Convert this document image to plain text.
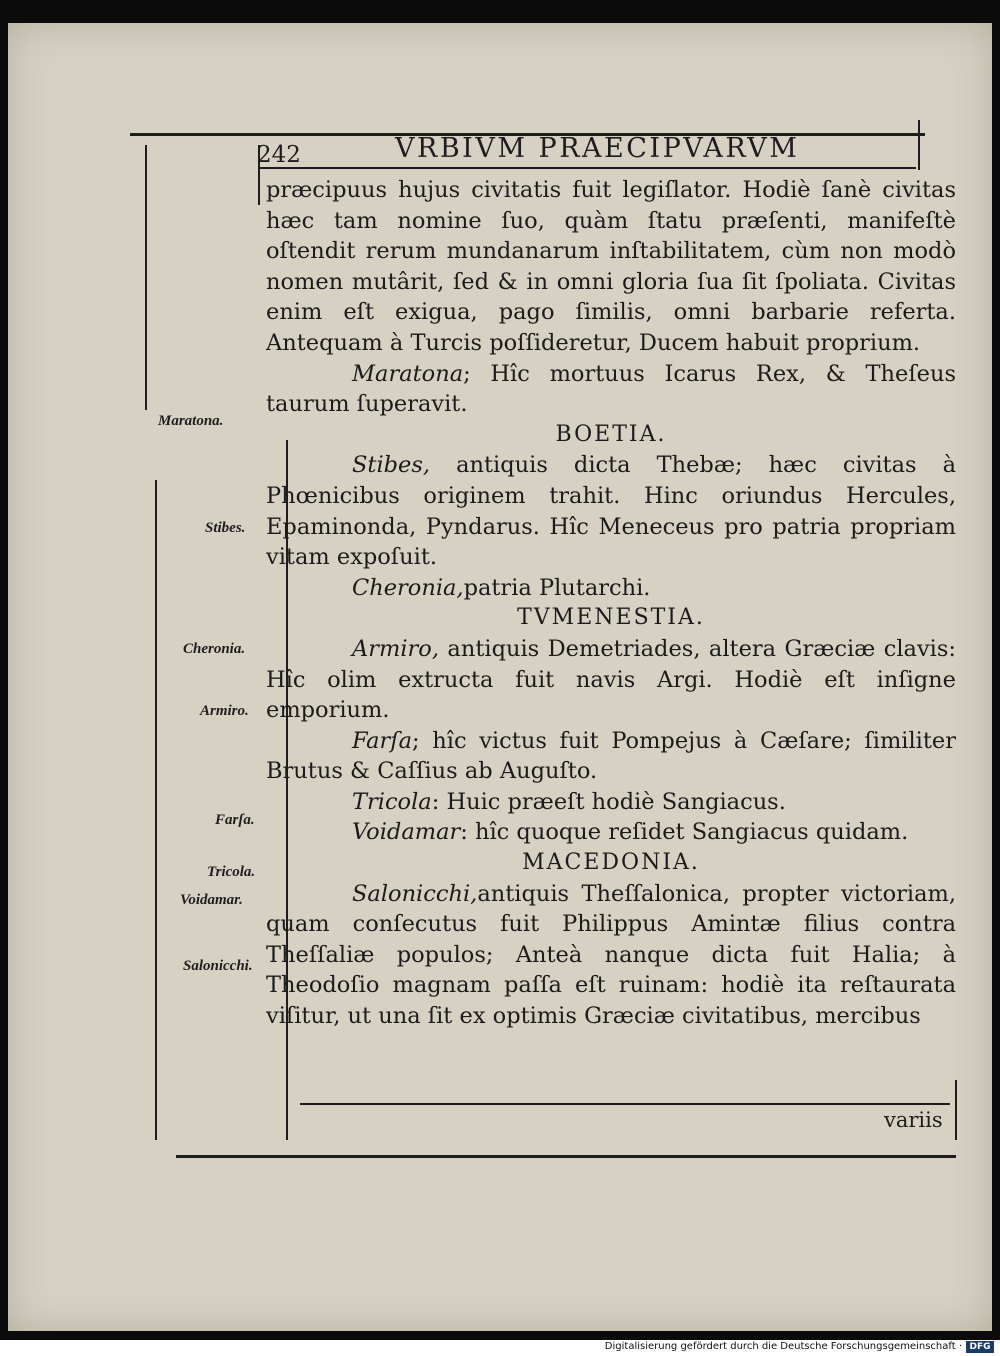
242	VRBIVM PRAECIPVARVM
Maratona.
Stibes.
Cheronia.
Armiro.
Farſa.
Tricola.
Voidamar.
Salonicchi.

præcipuus hujus civitatis fuit legiſlator. Hodiè ſanè civitas hæc tam nomine ſuo, quàm ſtatu præſenti, manifeſtè oſtendit rerum mundanarum inſtabilitatem, cùm non modò nomen mutârit, ſed & in omni gloria ſua ſit ſpoliata. Civitas enim eſt exigua, pago ſimilis, omni barbarie referta. Antequam à Turcis poſſideretur, Ducem habuit proprium.

Maratona; Hîc mortuus Icarus Rex, & Theſeus taurum ſuperavit.

BOETIA.

Stibes, antiquis dicta Thebæ; hæc civitas à Phœnicibus originem trahit. Hinc oriundus Hercules, Epaminonda, Pyndarus. Hîc Meneceus pro patria propriam vitam expoſuit.

Cheronia,patria Plutarchi.

TVMENESTIA.

Armiro, antiquis Demetriades, altera Græciæ clavis: Hîc olim extructa fuit navis Argi. Hodiè eſt inſigne emporium.

Farſa; hîc victus fuit Pompejus à Cæſare; ſimiliter Brutus & Caſſius ab Auguſto.

Tricola: Huic præeſt hodiè Sangiacus.

Voidamar: hîc quoque reſidet Sangiacus quidam.

MACEDONIA.

Salonicchi,antiquis Theſſalonica, propter victoriam, quam conſecutus fuit Philippus Amintæ filius contra Theſſaliæ populos; Anteà nanque dicta fuit Halia; à Theodoſio magnam paſſa eſt ruinam: hodiè ita reſtaurata viſitur, ut una ſit ex optimis Græciæ civitatibus, mercibus

variis
Digitalisierung gefördert durch die Deutsche Forschungsgemeinschaft · DFG
